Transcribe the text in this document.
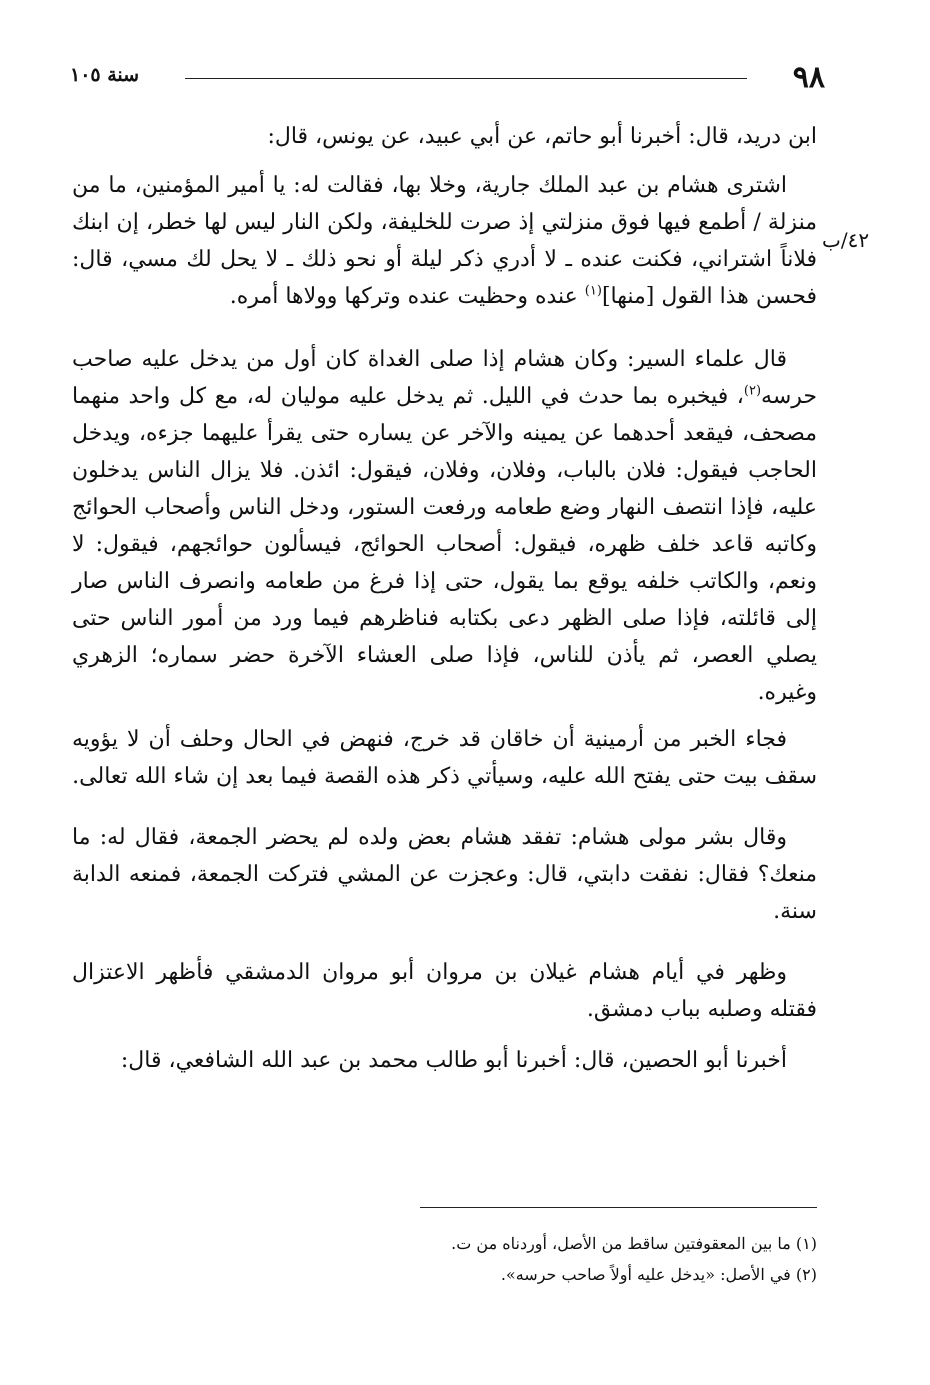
٩٨
سنة ١٠٥
٤٢/ب

ابن دريد، قال: أخبرنا أبو حاتم، عن أبي عبيد، عن يونس، قال:

اشترى هشام بن عبد الملك جارية، وخلا بها، فقالت له: يا أمير المؤمنين، ما من منزلة / أطمع فيها فوق منزلتي إذ صرت للخليفة، ولكن النار ليس لها خطر، إن ابنك فلاناً اشتراني، فكنت عنده ـ لا أدري ذكر ليلة أو نحو ذلك ـ لا يحل لك مسي، قال: فحسن هذا القول [منها]$^{(١)}$ عنده وحظيت عنده وتركها وولاها أمره.

قال علماء السير: وكان هشام إذا صلى الغداة كان أول من يدخل عليه صاحب حرسه$^{(٢)}$، فيخبره بما حدث في الليل. ثم يدخل عليه موليان له، مع كل واحد منهما مصحف، فيقعد أحدهما عن يمينه والآخر عن يساره حتى يقرأ عليهما جزءه، ويدخل الحاجب فيقول: فلان بالباب، وفلان، وفلان، فيقول: ائذن. فلا يزال الناس يدخلون عليه، فإذا انتصف النهار وضع طعامه ورفعت الستور، ودخل الناس وأصحاب الحوائج وكاتبه قاعد خلف ظهره، فيقول: أصحاب الحوائج، فيسألون حوائجهم، فيقول: لا ونعم، والكاتب خلفه يوقع بما يقول، حتى إذا فرغ من طعامه وانصرف الناس صار إلى قائلته، فإذا صلى الظهر دعى بكتابه فناظرهم فيما ورد من أمور الناس حتى يصلي العصر، ثم يأذن للناس، فإذا صلى العشاء الآخرة حضر سماره؛ الزهري وغيره.

فجاء الخبر من أرمينية أن خاقان قد خرج، فنهض في الحال وحلف أن لا يؤويه سقف بيت حتى يفتح الله عليه، وسيأتي ذكر هذه القصة فيما بعد إن شاء الله تعالى.

وقال بشر مولى هشام: تفقد هشام بعض ولده لم يحضر الجمعة، فقال له: ما منعك؟ فقال: نفقت دابتي، قال: وعجزت عن المشي فتركت الجمعة، فمنعه الدابة سنة.

وظهر في أيام هشام غيلان بن مروان أبو مروان الدمشقي فأظهر الاعتزال فقتله وصلبه بباب دمشق.

أخبرنا أبو الحصين، قال: أخبرنا أبو طالب محمد بن عبد الله الشافعي، قال:

(١) ما بين المعقوفتين ساقط من الأصل، أوردناه من ت.
(٢) في الأصل: «يدخل عليه أولاً صاحب حرسه».
